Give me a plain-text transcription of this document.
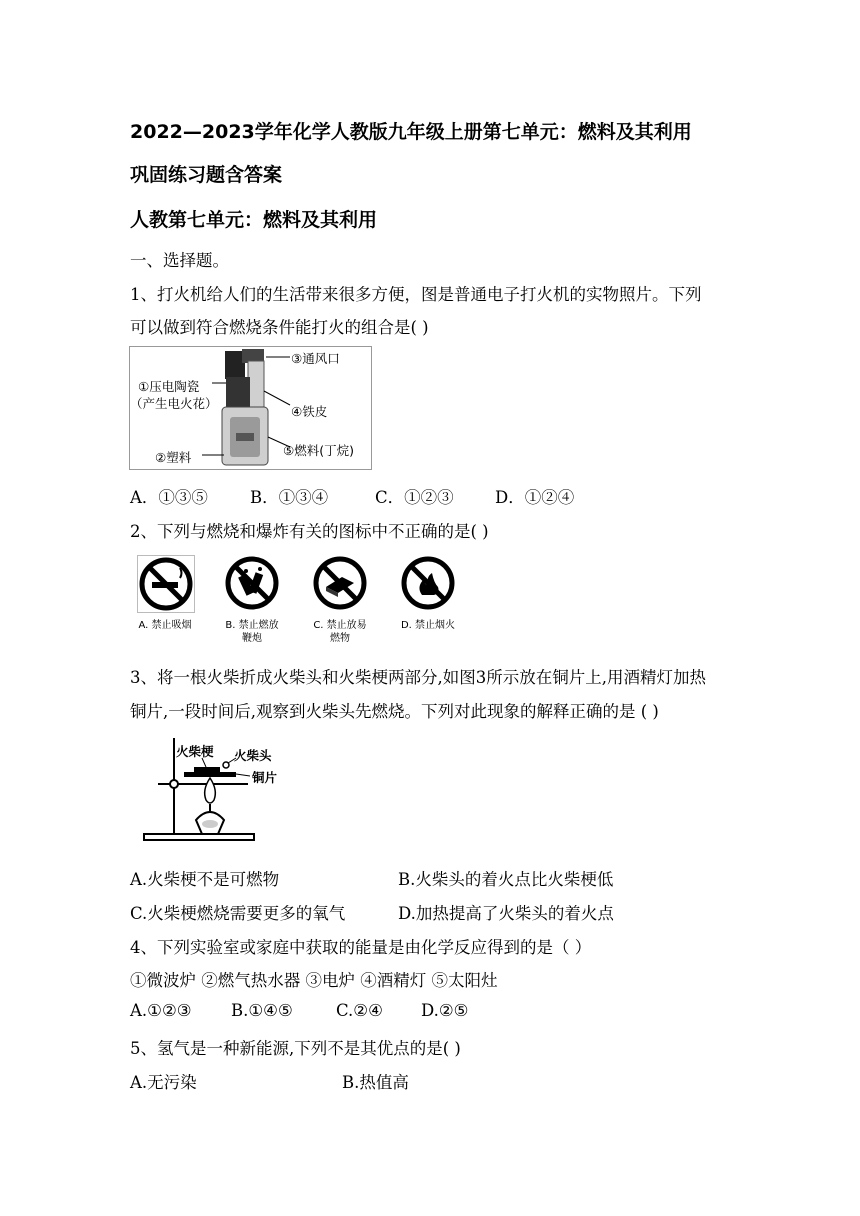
2022—2023学年化学人教版九年级上册第七单元：燃料及其利用
巩固练习题含答案
人教第七单元：燃料及其利用
一、选择题。
1、打火机给人们的生活带来很多方便，图是普通电子打火机的实物照片。下列
可以做到符合燃烧条件能打火的组合是( )
①压电陶瓷
（产生电火花）
②塑料
③通风口
④铁皮
⑤燃料(丁烷)
A．①③⑤	B．①③④	C．①②③	D．①②④
2、下列与燃烧和爆炸有关的图标中不正确的是( )
A. 禁止吸烟	B. 禁止燃放
鞭炮
C. 禁止放易
燃物
D. 禁止烟火
3、将一根火柴折成火柴头和火柴梗两部分,如图3所示放在铜片上,用酒精灯加热
铜片,一段时间后,观察到火柴头先燃烧。下列对此现象的解释正确的是 ( )
火柴梗 火柴头
铜片
A.火柴梗不是可燃物	B.火柴头的着火点比火柴梗低
C.火柴梗燃烧需要更多的氧气	D.加热提高了火柴头的着火点
4、下列实验室或家庭中获取的能量是由化学反应得到的是（ ）
①微波炉 ②燃气热水器 ③电炉 ④酒精灯 ⑤太阳灶
A.①②③ B.①④⑤	C.②④ D.②⑤
5、氢气是一种新能源,下列不是其优点的是( )
A.无污染	B.热值高
